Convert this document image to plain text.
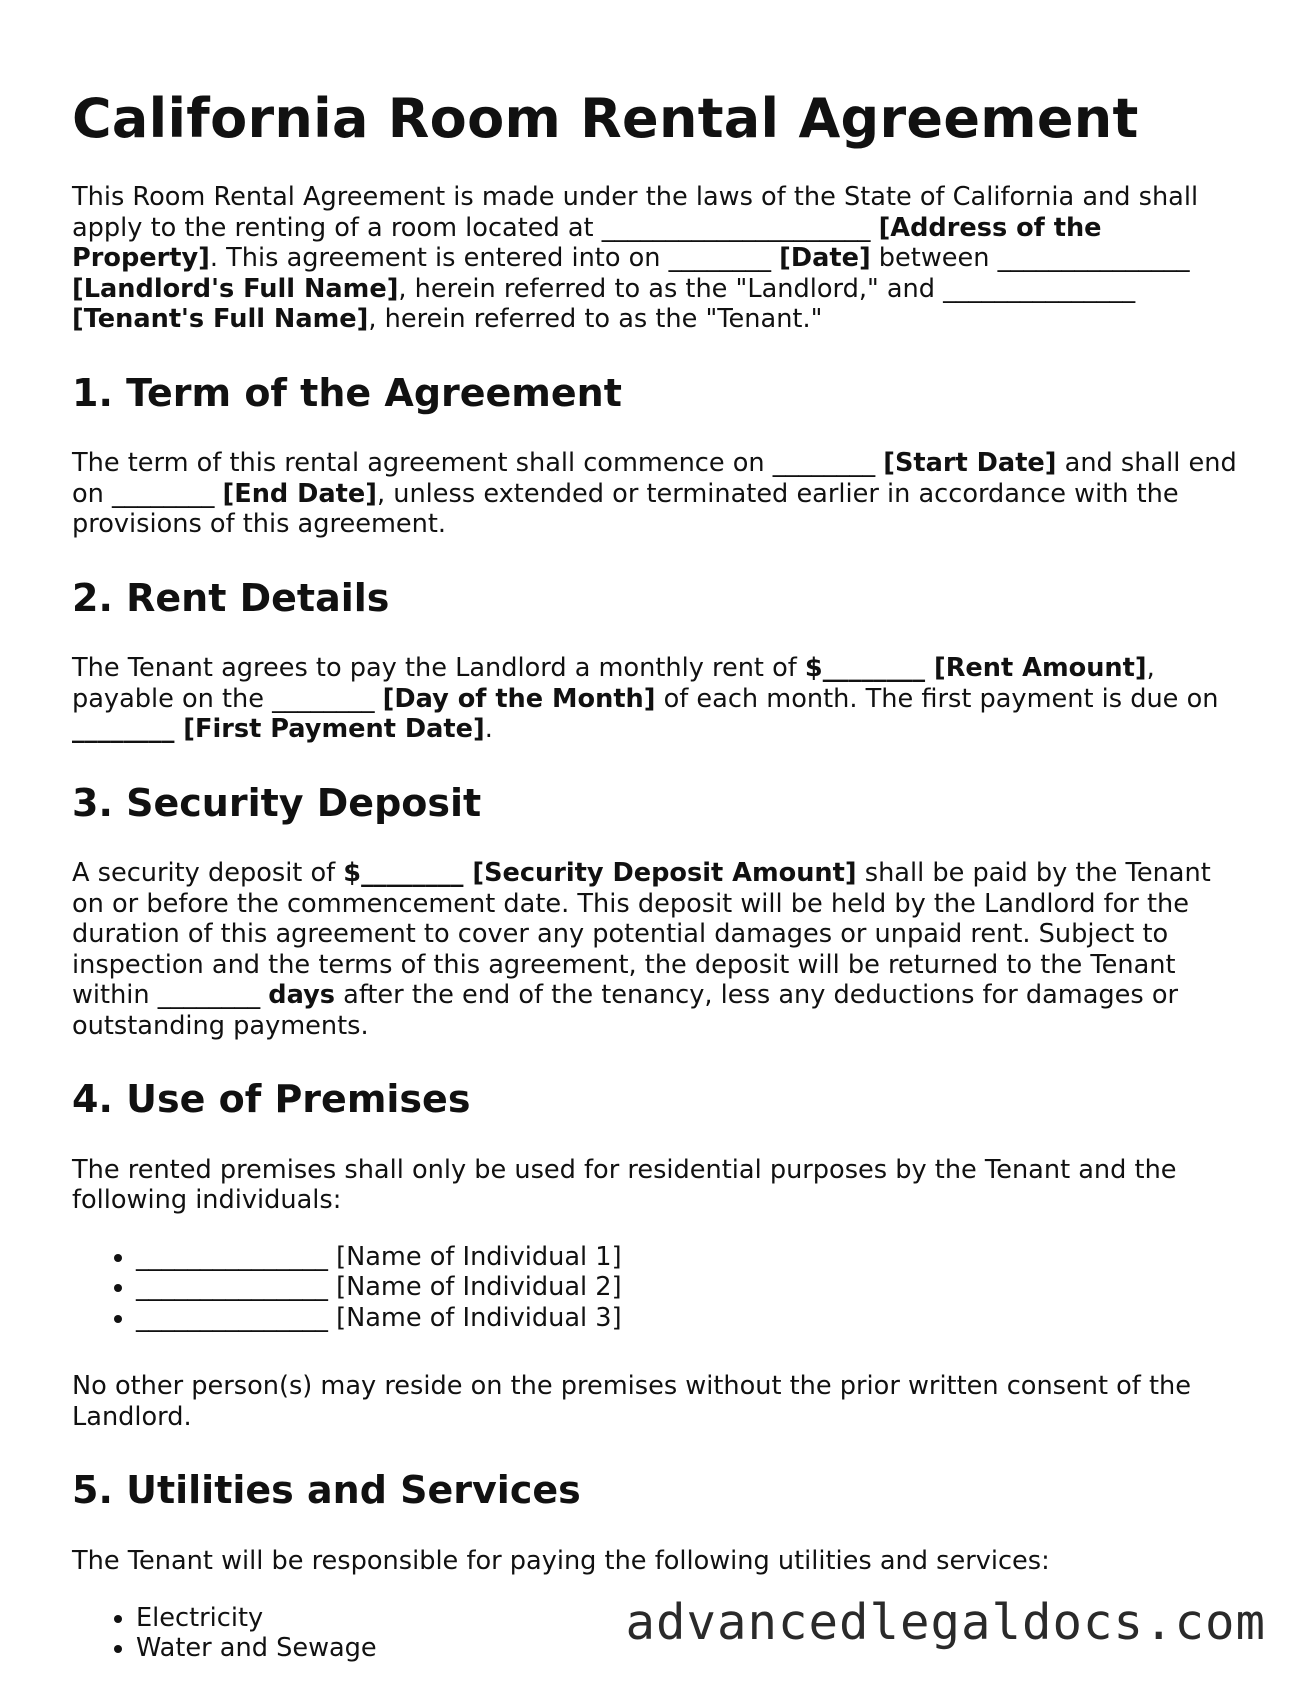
California Room Rental Agreement

This Room Rental Agreement is made under the laws of the State of California and shall apply to the renting of a room located at _____________________ [Address of the Property]. This agreement is entered into on ________ [Date] between _______________ [Landlord's Full Name], herein referred to as the "Landlord," and _______________ [Tenant's Full Name], herein referred to as the "Tenant."

1. Term of the Agreement

The term of this rental agreement shall commence on ________ [Start Date] and shall end on ________ [End Date], unless extended or terminated earlier in accordance with the provisions of this agreement.

2. Rent Details

The Tenant agrees to pay the Landlord a monthly rent of $________ [Rent Amount], payable on the ________ [Day of the Month] of each month. The first payment is due on ________ [First Payment Date].

3. Security Deposit

A security deposit of $________ [Security Deposit Amount] shall be paid by the Tenant on or before the commencement date. This deposit will be held by the Landlord for the duration of this agreement to cover any potential damages or unpaid rent. Subject to inspection and the terms of this agreement, the deposit will be returned to the Tenant within ________ days after the end of the tenancy, less any deductions for damages or outstanding payments.

4. Use of Premises

The rented premises shall only be used for residential purposes by the Tenant and the following individuals:

• _______________ [Name of Individual 1]
• _______________ [Name of Individual 2]
• _______________ [Name of Individual 3]

No other person(s) may reside on the premises without the prior written consent of the Landlord.

5. Utilities and Services

The Tenant will be responsible for paying the following utilities and services:

• Electricity
• Water and Sewage	advancedlegaldocs.com
